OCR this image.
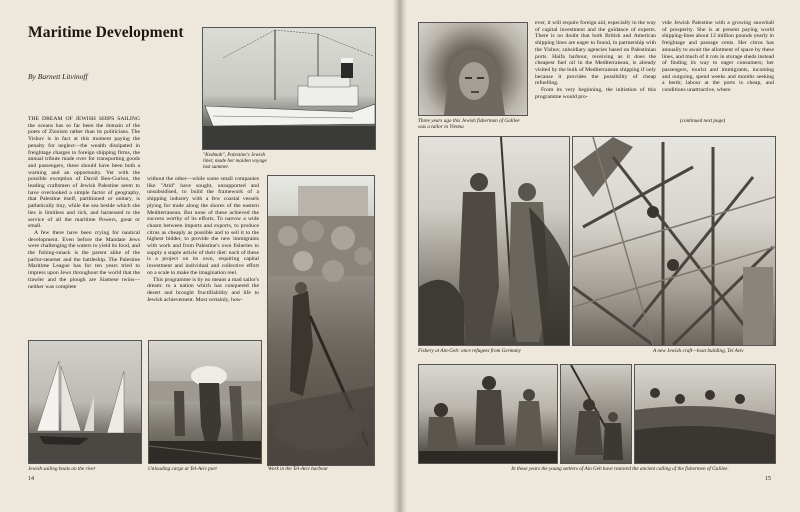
Maritime Development
By Barnett Litvinoff
"Kedmah", Palestine's Jewish liner, made her maiden voyage last summer.

THE DREAM OF JEWISH SHIPS SAILING the oceans has so far been the domain of the poets of Zionism rather than its politicians. The Yishuv is in fact at this moment paying the penalty for neglect—the wealth dissipated in freightage charges to foreign shipping firms, the annual tribute made over for transporting goods and passengers, these should have been both a warning and an opportunity. Yet with the possible exception of David Ben-Gurion, the leading craftsmen of Jewish Palestine seem to have overlooked a simple factor of geography, that Palestine itself, partitioned or unitary, is pathetically tiny, while the sea beside which she lies is limitless and rich, and harnessed to the service of all the maritime Powers, great or small.

A few there have been crying for nautical development. Even before the Mandate Jews were challenging the waters to yield its food, and the fishing-smack is the parent alike of the parlor-steamer and the battleship. The Palestine Maritime League has for ten years tried to impress upon Jews throughout the world that the trawler and the plough are Siamese twins—neither was complete

without the other—while some small companies like "Atid" have sought, unsupported and unsubsidised, to build the framework of a shipping industry with a few coastal vessels plying for trade along the shores of the eastern Mediterranean. But none of these achieved the success worthy of its efforts. To narrow a wide chasm between imports and exports, to produce citrus as cheaply as possible and to sell it to the highest bidder, to provide the new immigrants with work and from Palestine's own fisheries to supply a staple article of their diet: each of these is a project on its own, requiring capital investment and individual and collective effort on a scale to make the imagination reel.

This programme is by no means a mad sailor's dream: to a nation which has conquered the desert and brought fructifiability and life to Jewish achievement. Most certainly, how-

Jewish sailing boats on the river	Unloading cargo at Tel-Aviv port	Work in the Tel-Aviv harbour
14
Three years ago this Jewish fisherman of Galilee was a tailor in Vienna

ever, it will require foreign aid, especially in the way of capital investment and the guidance of experts. There is no doubt that both British and American shipping lines are eager to found, in partnership with the Yishuv, subsidiary agencies based on Palestinian ports. Haifa harbour, receiving as it does the cheapest fuel oil in the Mediterranean, is already visited by the bulk of Mediterranean shipping if only because it provides the possibility of cheap refuelling.

From its very beginning, the initiation of this programme would pro-

vide Jewish Palestine with a growing snowball of prosperity. She is at present paying world shipping-lines about 12 million pounds yearly in freightage and passage cents. Her citrus has annually to await the allotment of space by these lines, and much of it rots in storage sheds instead of finding its way to eager consumers; her passengers, tourist and immigrants, incoming and outgoing, spend weeks and months seeking a berth; labour at the ports is cheap, and conditions unattractive, where

(continued next page)
Fishery at Ain-Geb: once refugees from Germany	A new Jewish craft—boat building, Tel Aviv
In these years the young settlers of Ain Geb have restored the ancient calling of the fishermen of Galilee.
15
